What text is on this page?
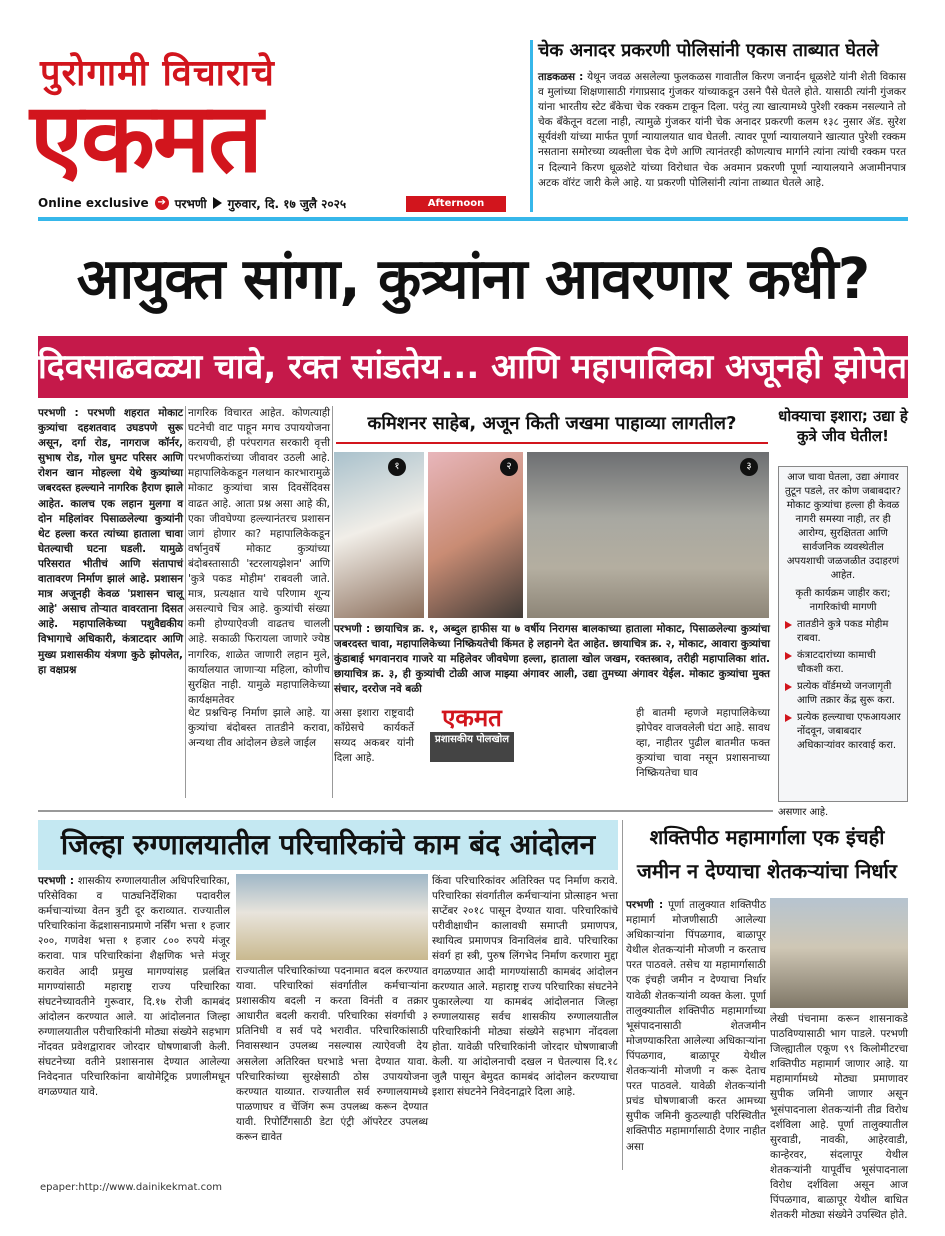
पुरोगामी विचाराचे
एकमत
Online exclusive ➔ परभणी गुरुवार, दि. १७ जुलै २०२५	Afternoon
चेक अनादर प्रकरणी पोलिसांनी एकास ताब्यात घेतले
ताडकळस : येथून जवळ असलेल्या फुलकळस गावातील किरण जनार्दन धूळशेटे यांनी शेती विकास व मुलांच्या शिक्षणासाठी गंगाप्रसाद गुंजकर यांच्याकडून उसने पैसे घेतले होते. यासाठी त्यांनी गुंजकर यांना भारतीय स्टेट बँकेचा चेक रक्कम टाकून दिला. परंतु त्या खात्यामध्ये पुरेशी रक्कम नसल्याने तो चेक बँकेतून वटला नाही, त्यामुळे गुंजकर यांनी चेक अनादर प्रकरणी कलम १३८ नुसार ॲड. सुरेश सूर्यवंशी यांच्या मार्फत पूर्णा न्यायालयात धाव घेतली. त्यावर पूर्णा न्यायालयाने खात्यात पुरेशी रक्कम नसताना समोरच्या व्यक्तीला चेक देणे आणि त्यानंतरही कोणत्याच मार्गाने त्यांना त्यांची रक्कम परत न दिल्याने किरण धूळशेटे यांच्या विरोधात चेक अवमान प्रकरणी पूर्णा न्यायालयाने अजामीनपात्र अटक वॉरंट जारी केले आहे. या प्रकरणी पोलिसांनी त्यांना ताब्यात घेतले आहे.
आयुक्त सांगा, कुत्र्यांना आवरणार कधी?
दिवसाढवळ्या चावे, रक्त सांडतेय... आणि महापालिका अजूनही झोपेत!
परभणी : परभणी शहरात मोकाट कुत्र्यांचा दहशतवाद उघडपणे सुरू असून, दर्गा रोड, नागराज कॉर्नर, सुभाष रोड, गोल घुमट परिसर आणि रोशन खान मोहल्ला येथे कुत्र्यांच्या जबरदस्त हल्ल्याने नागरिक हैराण झाले आहेत. कालच एक लहान मुलगा व दोन महिलांवर पिसाळलेल्या कुत्र्यांनी थेट हल्ला करत त्यांच्या हाताला चावा घेतल्याची घटना घडली. यामुळे परिसरात भीतीचं आणि संतापाचं वातावरण निर्माण झालं आहे. प्रशासन मात्र अजूनही केवळ 'प्रशासन चालू आहे' असाच तोऱ्यात वावरताना दिसत आहे. महापालिकेच्या पशुवैद्यकीय विभागाचे अधिकारी, कंत्राटदार आणि मुख्य प्रशासकीय यंत्रणा कुठे झोपलेत, हा वक्षप्रश्न
नागरिक विचारत आहेत. कोणत्याही घटनेची वाट पाहून मगच उपाययोजना करायची, ही परंपरागत सरकारी वृत्ती परभणीकरांच्या जीवावर उठली आहे. महापालिकेकडून गलथान कारभारामुळे मोकाट कुत्र्यांचा त्रास दिवसेंदिवस वाढत आहे. आता प्रश्न असा आहे की, एका जीवघेण्या हल्ल्यानंतरच प्रशासन जागं होणार का? महापालिकेकडून वर्षानुवर्षे मोकाट कुत्र्यांच्या बंदोबस्तासाठी 'स्टरलायझेशन' आणि 'कुत्रे पकड मोहीम' राबवली जाते. मात्र, प्रत्यक्षात याचे परिणाम शून्य असल्याचे चित्र आहे. कुत्र्यांची संख्या कमी होण्याऐवजी वाढतच चालली आहे. सकाळी फिरायला जाणारे ज्येष्ठ नागरिक, शाळेत जाणारी लहान मुले, कार्यालयात जाणाऱ्या महिला, कोणीच सुरक्षित नाही. यामुळे महापालिकेच्या कार्यक्षमतेवर
कमिशनर साहेब, अजून किती जखमा पाहाव्या लागतील?
१	२	३
परभणी : छायाचित्र क्र. १, अब्दुल हाफीस या ७ वर्षीय निरागस बालकाच्या हाताला मोकाट, पिसाळलेल्या कुत्र्यांचा जबरदस्त चावा, महापालिकेच्या निष्क्रियतेची किंमत हे लहानगे देत आहेत. छायाचित्र क्र. २, मोकाट, आवारा कुत्र्यांचा कुंडाबाई भगवानराव गाजरे या महिलेवर जीवघेणा हल्ला, हाताला खोल जखम, रक्तस्त्राव, तरीही महापालिका शांत. छायाचित्र क्र. ३, ही कुत्र्यांची टोळी आज माझ्या अंगावर आली, उद्या तुमच्या अंगावर येईल. मोकाट कुत्र्यांचा मुक्त संचार, दररोज नवे बळी
थेट प्रश्नचिन्ह निर्माण झाले आहे. या कुत्र्यांचा बंदोबस्त तातडीने करावा, अन्यथा तीव आंदोलन छेडले जाईल
असा इशारा राष्ट्रवादी काँग्रेसचे कार्यकर्ते सय्यद अकबर यांनी दिला आहे.
एकमत
प्रशासकीय पोलखोल
ही बातमी म्हणजे महापालिकेच्या झोपेवर वाजवलेली घंटा आहे. सावध व्हा, नाहीतर पुढील बातमीत फक्त कुत्र्यांचा चावा नसून प्रशासनाच्या निष्क्रियतेचा घाव
धोक्याचा इशारा; उद्या हे कुत्रे जीव घेतील!
आज चावा घेतला, उद्या अंगावर तुटून पडले, तर कोण जबाबदार? मोकाट कुत्र्यांचा हल्ला ही केवळ नागरी समस्या नाही, तर ही आरोग्य, सुरक्षितता आणि सार्वजनिक व्यवस्थेतील अपयशाची जळजळीत उदाहरणं आहेत.
कृती कार्यक्रम जाहीर करा; नागरिकांची मागणी
तातडीने कुत्रे पकड मोहीम राबवा.
कंत्राटदारांच्या कामाची चौकशी करा.
प्रत्येक वॉर्डमध्ये जनजागृती आणि तक्रार केंद्र सुरू करा.
प्रत्येक हल्ल्याचा एफआयआर नोंदवून, जबाबदार अधिकाऱ्यांवर कारवाई करा.
असणार आहे.
जिल्हा रुग्णालयातील परिचारिकांचे काम बंद आंदोलन
परभणी : शासकीय रुग्णालयातील अधिपरिचारिका, परिसेविका व पाठ्यनिर्देशिका पदावरील कर्मचाऱ्यांच्या वेतन त्रुटी दूर कराव्यात. राज्यातील परिचारिकांना केंद्रशासनाप्रमाणे नर्सिंग भत्ता १ हजार २००, गणवेश भत्ता १ हजार ८०० रुपये मंजूर करावा. पात्र परिचारिकांना शैक्षणिक भत्ते मंजूर करावेत आदी प्रमुख मागण्यांसह प्रलंबित मागण्यांसाठी महाराष्ट्र राज्य परिचारिका संघटनेच्यावतीने गुरूवार, दि.१७ रोजी कामबंद आंदोलन करण्यात आले. या आंदोलनात जिल्हा रुग्णालयातील परीचारिकांनी मोठ्या संख्येने सहभाग नोंदवत प्रवेशद्वारावर जोरदार घोषणाबाजी केली. संघटनेच्या वतीने प्रशासनास देण्यात आलेल्या निवेदनात परिचारिकांना बायोमेट्रिक प्रणालीमधून वगळण्यात यावे.
राज्यातील परिचारिकांच्या पदनामात बदल करण्यात यावा. परिचारिकां संवर्गातील कर्मचाऱ्यांना प्रशासकीय बदली न करता विनंती व तक्रार आधारीत बदली करावी. परिचारिका संवर्गाची ३ प्रतिनिधी व सर्व पदे भरावीत. परिचारिकांसाठी निवासस्थान उपलब्ध नसल्यास त्याऐवजी देय असलेला अतिरिक्त घरभाडे भत्ता देण्यात यावा. परिचारिकांच्या सुरक्षेसाठी ठोस उपाययोजना करण्यात याव्यात. राज्यातील सर्व रुग्णालयामध्ये पाळणाघर व चेंजिंग रूम उपलब्ध करून देण्यात यावी. रिपोर्टिंगसाठी डेटा एंट्री ऑपरेटर उपलब्ध करून द्यावेत
किंवा परिचारिकांवर अतिरिक्त पद निर्माण करावे. परिचारिका संवर्गातील कर्मचाऱ्यांना प्रोत्साहन भत्ता सप्टेंबर २०१८ पासून देण्यात यावा. परिचारिकांचे परीवीक्षाधीन कालावधी समाप्ती प्रमाणपत्र, स्थायित्व प्रमाणपत्र विनाविलंब द्यावे. परिचारिका संवर्ग हा स्त्री, पुरुष लिंगभेद निर्माण करणारा मुद्दा वगळण्यात आदी मागण्यांसाठी कामबंद आंदोलन करण्यात आले. महाराष्ट्र राज्य परिचारिका संघटनेने पुकारलेल्या या कामबंद आंदोलनात जिल्हा रुग्णालयासह सर्वच शासकीय रुग्णालयातील परिचारिकांनी मोठ्या संख्येने सहभाग नोंदवला होता. यावेळी परिचारिकांनी जोरदार घोषणाबाजी केली. या आंदोलनाची दखल न घेतल्यास दि.१८ जुलै पासून बेमुदत कामबंद आंदोलन करण्याचा इशारा संघटनेने निवेदनाद्वारे दिला आहे.
शक्तिपीठ महामार्गाला एक इंचही जमीन न देण्याचा शेतकऱ्यांचा निर्धार
परभणी : पूर्णा तालुक्यात शक्तिपीठ महामार्ग मोजणीसाठी आलेल्या अधिकाऱ्यांना पिंपळगाव, बाळापूर येथील शेतकऱ्यांनी मोजणी न करताच परत पाठवले. तसेच या महामार्गासाठी एक इंचही जमीन न देण्याचा निर्धार यावेळी शेतकऱ्यांनी व्यक्त केला. पूर्णा तालुक्यातील शक्तिपीठ महामार्गाच्या भूसंपादनासाठी शेतजमीन मोजण्याकरिता आलेल्या अधिकाऱ्यांना पिंपळगाव, बाळापूर येथील शेतकऱ्यांनी मोजणी न करू देताच परत पाठवले. यावेळी शेतकऱ्यांनी प्रचंड घोषणाबाजी करत आमच्या सुपीक जमिनी कुठल्याही परिस्थितीत शक्तिपीठ महामार्गासाठी देणार नाहीत असा
लेखी पंचनामा करून शासनाकडे पाठविण्यासाठी भाग पाडले. परभणी जिल्ह्यातील एकूण ९९ किलोमीटरचा शक्तिपीठ महामार्ग जाणार आहे. या महामार्गामध्ये मोठ्या प्रमाणावर सुपीक जमिनी जाणार असून भूसंपादनाला शेतकऱ्यांनी तीव्र विरोध दर्शविला आहे. पूर्णा तालुक्यातील सुरवाडी, नावकी, आहेरवाडी, कान्हेरवर, संदलापूर येथील शेतकऱ्यांनी यापूर्वीच भूसंपादनाला विरोध दर्शविला असून आज पिंपळगाव, बाळापूर येथील बाधित शेतकरी मोठ्या संख्येने उपस्थित होते.
epaper:http://www.dainikekmat.com
